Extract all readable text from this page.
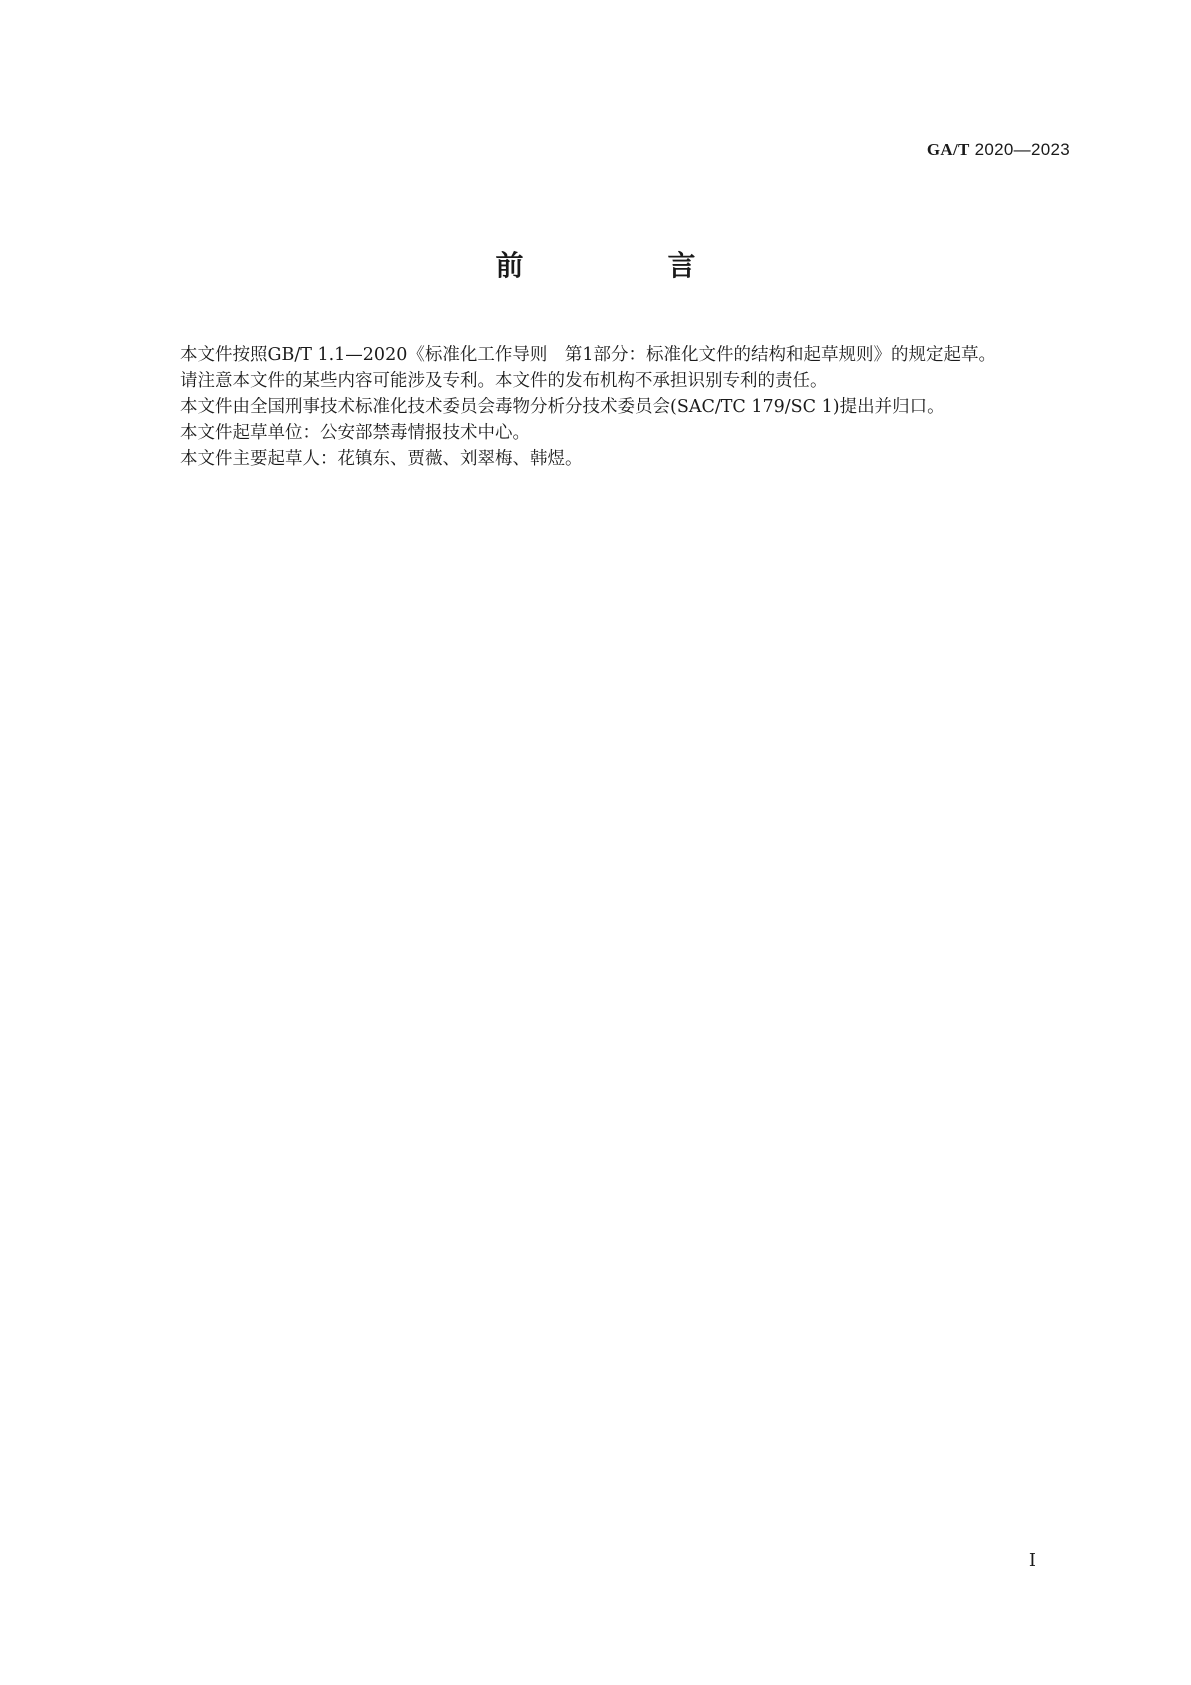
GA/T 2020—2023
前　言

本文件按照GB/T 1.1—2020《标准化工作导则　第1部分：标准化文件的结构和起草规则》的规定起草。

请注意本文件的某些内容可能涉及专利。本文件的发布机构不承担识别专利的责任。

本文件由全国刑事技术标准化技术委员会毒物分析分技术委员会(SAC/TC 179/SC 1)提出并归口。

本文件起草单位：公安部禁毒情报技术中心。

本文件主要起草人：花镇东、贾薇、刘翠梅、韩煜。

Ⅰ
